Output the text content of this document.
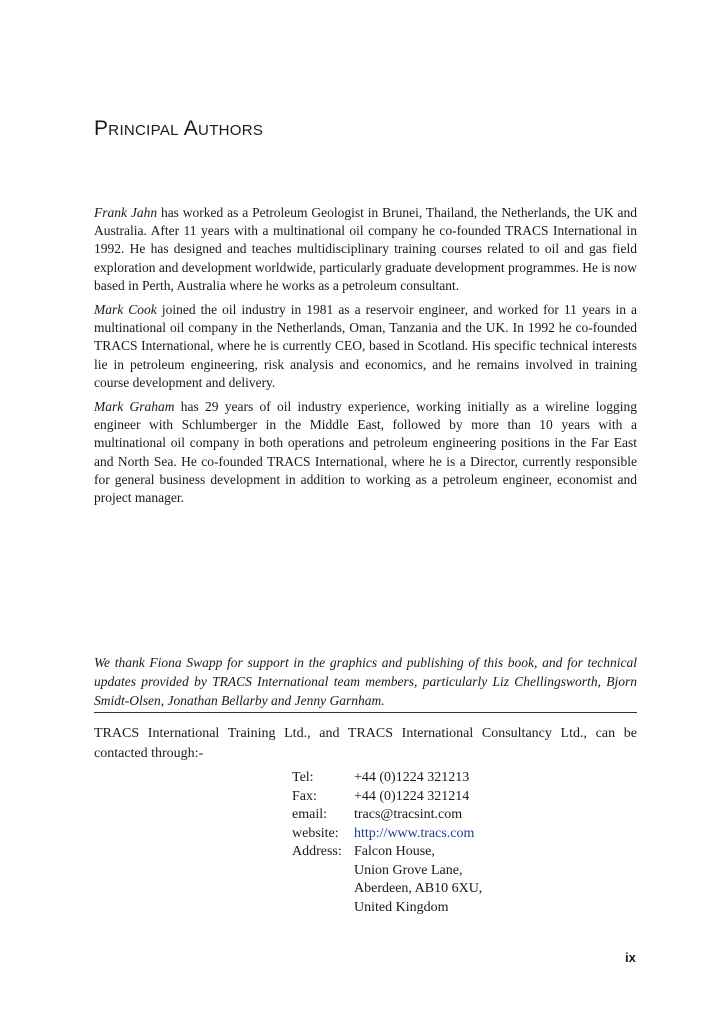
Principal Authors

Frank Jahn has worked as a Petroleum Geologist in Brunei, Thailand, the Netherlands, the UK and Australia. After 11 years with a multinational oil company he co-founded TRACS International in 1992. He has designed and teaches multidisciplinary training courses related to oil and gas field exploration and development worldwide, particularly graduate development programmes. He is now based in Perth, Australia where he works as a petroleum consultant.

Mark Cook joined the oil industry in 1981 as a reservoir engineer, and worked for 11 years in a multinational oil company in the Netherlands, Oman, Tanzania and the UK. In 1992 he co-founded TRACS International, where he is currently CEO, based in Scotland. His specific technical interests lie in petroleum engineering, risk analysis and economics, and he remains involved in training course development and delivery.

Mark Graham has 29 years of oil industry experience, working initially as a wireline logging engineer with Schlumberger in the Middle East, followed by more than 10 years with a multinational oil company in both operations and petroleum engineering positions in the Far East and North Sea. He co-founded TRACS International, where he is a Director, currently responsible for general business development in addition to working as a petroleum engineer, economist and project manager.

We thank Fiona Swapp for support in the graphics and publishing of this book, and for technical updates provided by TRACS International team members, particularly Liz Chellingsworth, Bjorn Smidt-Olsen, Jonathan Bellarby and Jenny Garnham.

TRACS International Training Ltd., and TRACS International Consultancy Ltd., can be contacted through:-

Tel:	+44 (0)1224 321213
Fax:	+44 (0)1224 321214
email:	tracs@tracsint.com
website:	http://www.tracs.com
Address: Falcon House,
Union Grove Lane,
Aberdeen, AB10 6XU,
United Kingdom
ix
